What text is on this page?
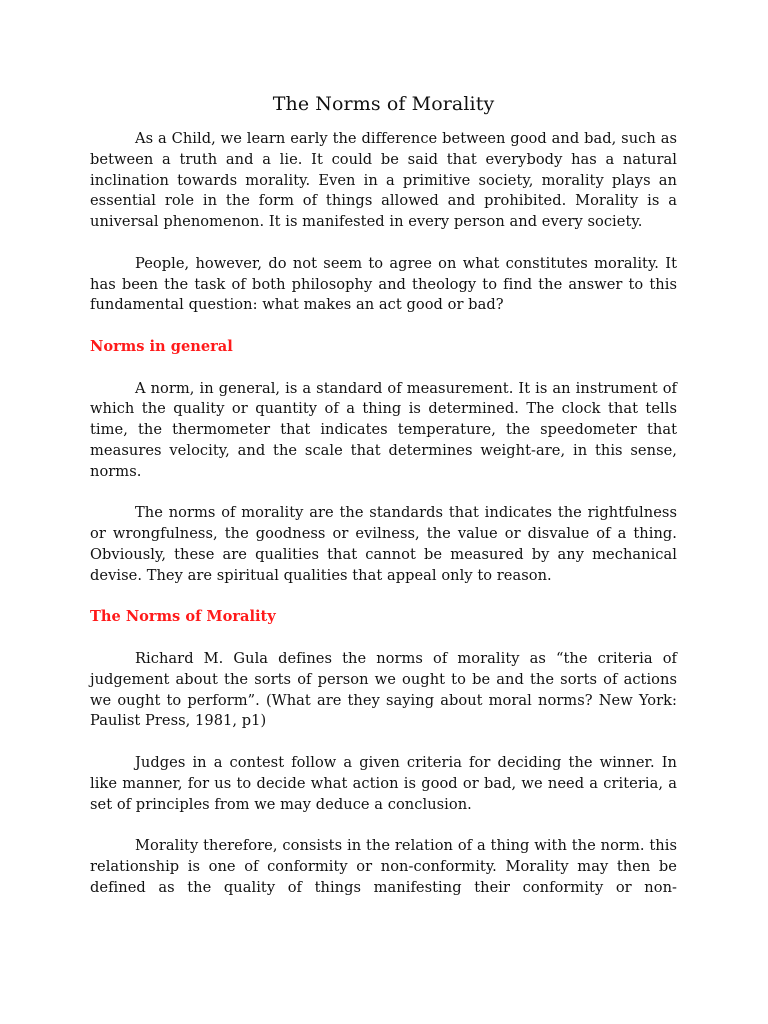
The Norms of Morality

As a Child, we learn early the difference between good and bad, such as between a truth and a lie. It could be said that everybody has a natural inclination towards morality. Even in a primitive society, morality plays an essential role in the form of things allowed and prohibited. Morality is a universal phenomenon. It is manifested in every person and every society.

People, however, do not seem to agree on what constitutes morality. It has been the task of both philosophy and theology to find the answer to this fundamental question: what makes an act good or bad?

Norms in general

A norm, in general, is a standard of measurement. It is an instrument of which the quality or quantity of a thing is determined. The clock that tells time, the thermometer that indicates temperature, the speedometer that measures velocity, and the scale that determines weight-are, in this sense, norms.

The norms of morality are the standards that indicates the rightfulness or wrongfulness, the goodness or evilness, the value or disvalue of a thing. Obviously, these are qualities that cannot be measured by any mechanical devise. They are spiritual qualities that appeal only to reason.

The Norms of Morality

Richard M. Gula defines the norms of morality as “the criteria of judgement about the sorts of person we ought to be and the sorts of actions we ought to perform”. (What are they saying about moral norms? New York: Paulist Press, 1981, p1)

Judges in a contest follow a given criteria for deciding the winner. In like manner, for us to decide what action is good or bad, we need a criteria, a set of principles from we may deduce a conclusion.

Morality therefore, consists in the relation of a thing with the norm. this relationship is one of conformity or non-conformity. Morality may then be defined as the quality of things manifesting their conformity or non-
